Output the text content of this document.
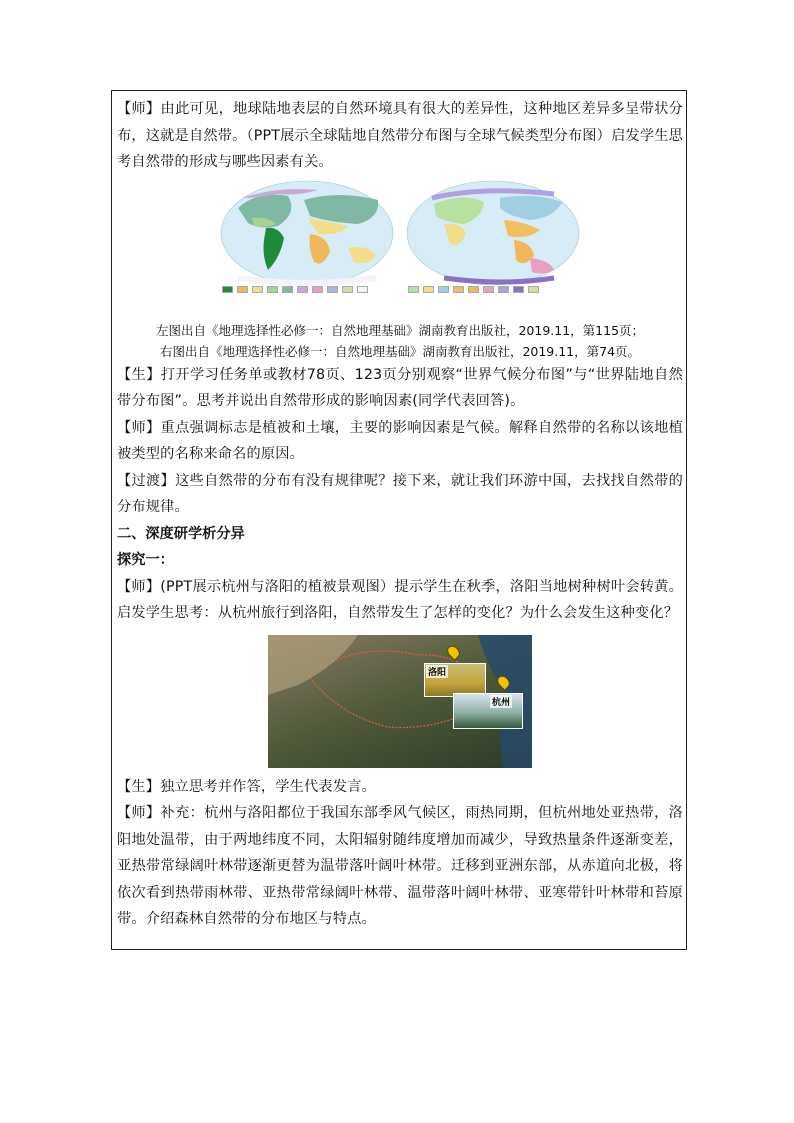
【师】由此可见，地球陆地表层的自然环境具有很大的差异性，这种地区差异多呈带状分布，这就是自然带。（PPT展示全球陆地自然带分布图与全球气候类型分布图）启发学生思考自然带的形成与哪些因素有关。

左图出自《地理选择性必修一：自然地理基础》湖南教育出版社，2019.11，第115页；

右图出自《地理选择性必修一：自然地理基础》湖南教育出版社，2019.11，第74页。

【生】打开学习任务单或教材78页、123页分别观察“世界气候分布图”与“世界陆地自然带分布图”。思考并说出自然带形成的影响因素(同学代表回答)。

【师】重点强调标志是植被和土壤，主要的影响因素是气候。解释自然带的名称以该地植被类型的名称来命名的原因。

【过渡】这些自然带的分布有没有规律呢？接下来，就让我们环游中国，去找找自然带的分布规律。

二、深度研学析分异

探究一：

【师】(PPT展示杭州与洛阳的植被景观图）提示学生在秋季，洛阳当地树种树叶会转黄。启发学生思考：从杭州旅行到洛阳，自然带发生了怎样的变化？为什么会发生这种变化？

洛阳
杭州

【生】独立思考并作答，学生代表发言。

【师】补充：杭州与洛阳都位于我国东部季风气候区，雨热同期，但杭州地处亚热带，洛阳地处温带，由于两地纬度不同，太阳辐射随纬度增加而减少，导致热量条件逐渐变差，亚热带常绿阔叶林带逐渐更替为温带落叶阔叶林带。迁移到亚洲东部，从赤道向北极，将依次看到热带雨林带、亚热带常绿阔叶林带、温带落叶阔叶林带、亚寒带针叶林带和苔原带。介绍森林自然带的分布地区与特点。
